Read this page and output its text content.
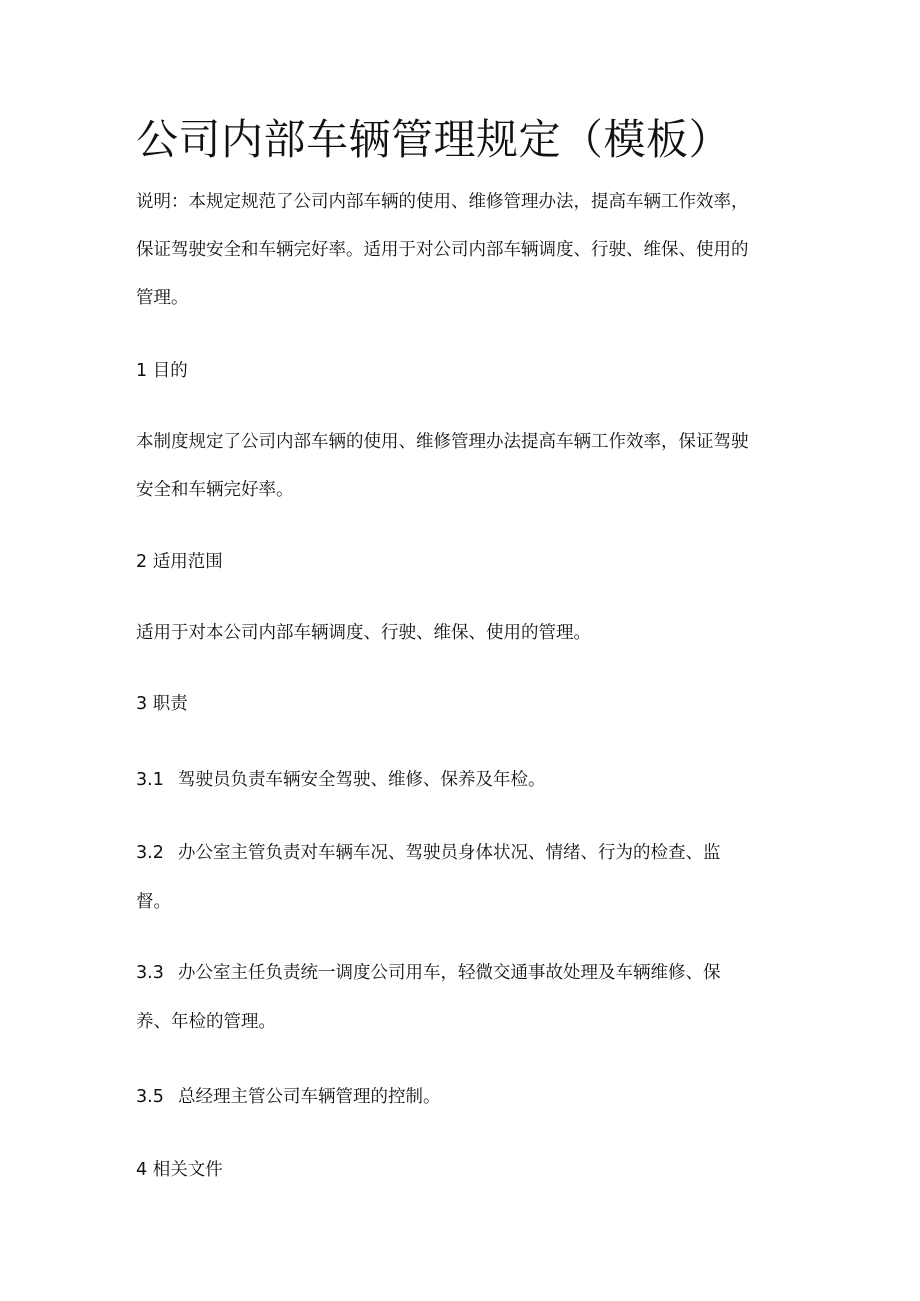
公司内部车辆管理规定（模板）

说明：本规定规范了公司内部车辆的使用、维修管理办法，提高车辆工作效率，

保证驾驶安全和车辆完好率。适用于对公司内部车辆调度、行驶、维保、使用的

管理。

1 目的

本制度规定了公司内部车辆的使用、维修管理办法提高车辆工作效率，保证驾驶

安全和车辆完好率。

2 适用范围

适用于对本公司内部车辆调度、行驶、维保、使用的管理。

3 职责

3.1 驾驶员负责车辆安全驾驶、维修、保养及年检。

3.2 办公室主管负责对车辆车况、驾驶员身体状况、情绪、行为的检查、监

督。

3.3 办公室主任负责统一调度公司用车，轻微交通事故处理及车辆维修、保

养、年检的管理。

3.5 总经理主管公司车辆管理的控制。

4 相关文件
